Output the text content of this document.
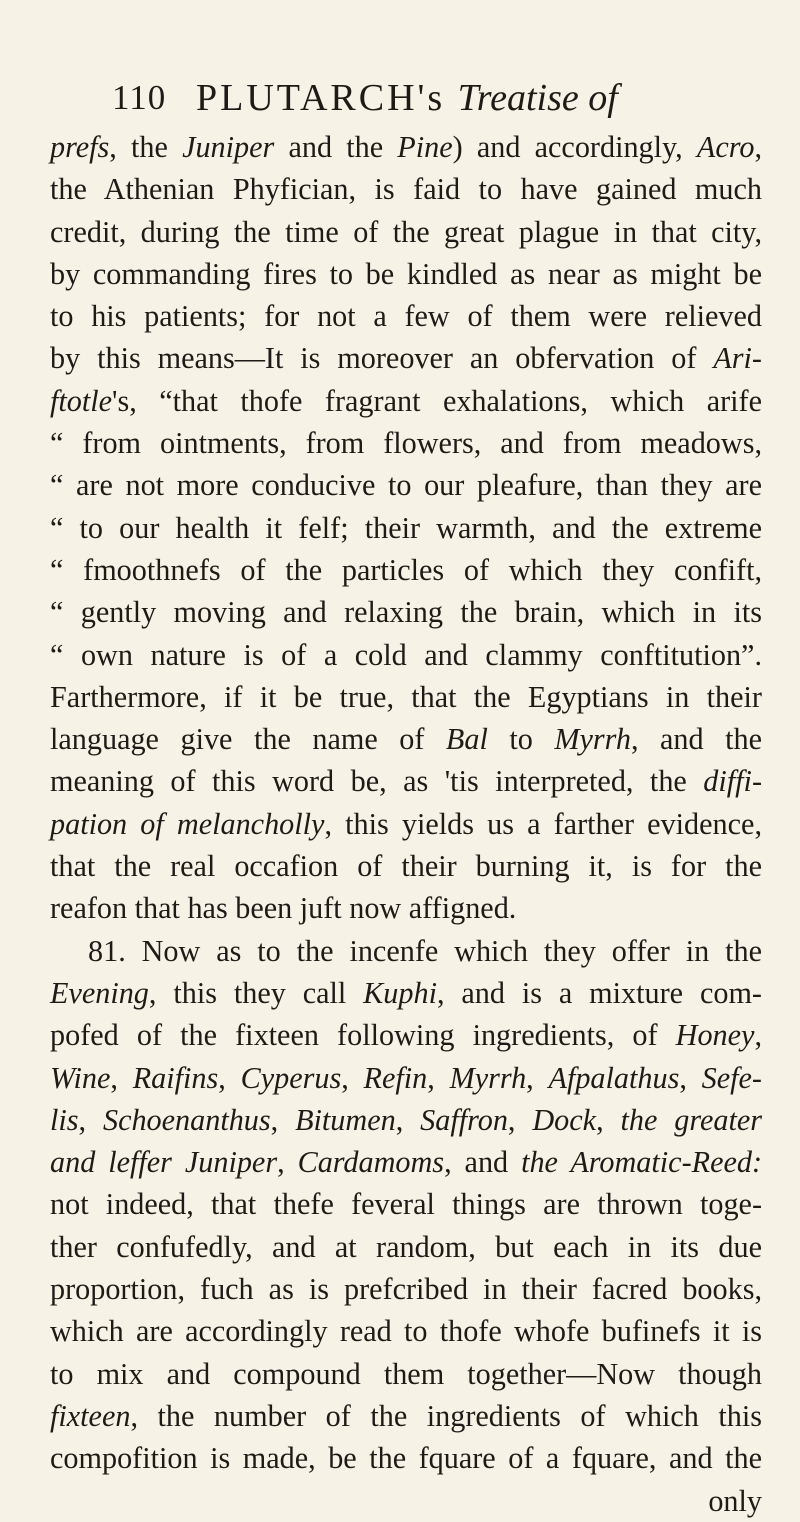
110 PLUTARCH's Treatise of
prefs, the Juniper and the Pine) and accordingly, Acro,
the Athenian Phyfician, is faid to have gained much
credit, during the time of the great plague in that city,
by commanding fires to be kindled as near as might be
to his patients; for not a few of them were relieved
by this means—It is moreover an obfervation of Ari-
ftotle's, “that thofe fragrant exhalations, which arife
“ from ointments, from flowers, and from meadows,
“ are not more conducive to our pleafure, than they are
“ to our health it felf; their warmth, and the extreme
“ fmoothnefs of the particles of which they confift,
“ gently moving and relaxing the brain, which in its
“ own nature is of a cold and clammy conftitution”.
Farthermore, if it be true, that the Egyptians in their
language give the name of Bal to Myrrh, and the
meaning of this word be, as 'tis interpreted, the diffi-
pation of melancholly, this yields us a farther evidence,
that the real occafion of their burning it, is for the
reafon that has been juft now affigned.
81. Now as to the incenfe which they offer in the
Evening, this they call Kuphi, and is a mixture com-
pofed of the fixteen following ingredients, of Honey,
Wine, Raifins, Cyperus, Refin, Myrrh, Afpalathus, Sefe-
lis, Schoenanthus, Bitumen, Saffron, Dock, the greater
and leffer Juniper, Cardamoms, and the Aromatic-Reed:
not indeed, that thefe feveral things are thrown toge-
ther confufedly, and at random, but each in its due
proportion, fuch as is prefcribed in their facred books,
which are accordingly read to thofe whofe bufinefs it is
to mix and compound them together—Now though
fixteen, the number of the ingredients of which this
compofition is made, be the fquare of a fquare, and the
only
